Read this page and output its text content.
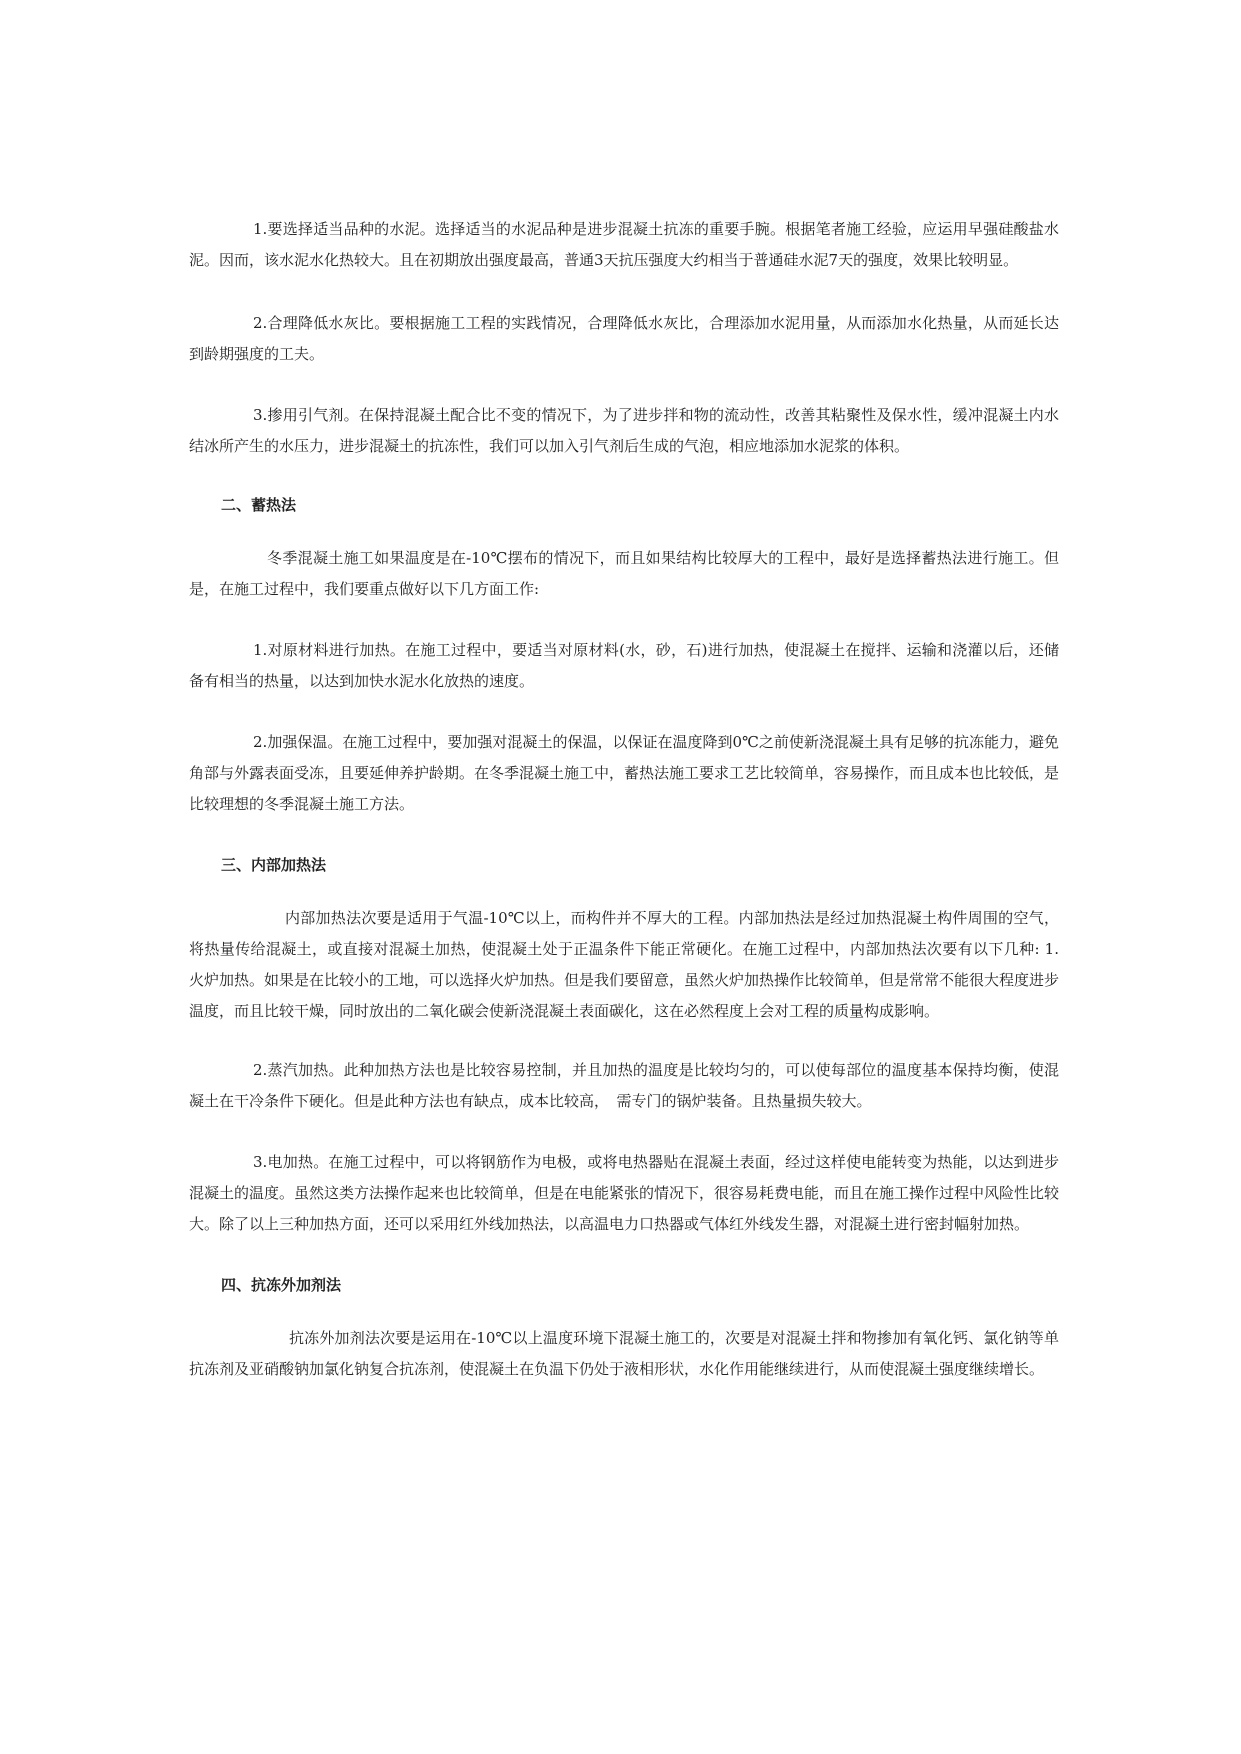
1.要选择适当品种的水泥。选择适当的水泥品种是进步混凝土抗冻的重要手腕。根据笔者施工经验，应运用早强硅酸盐水泥。因而，该水泥水化热较大。且在初期放出强度最高，普通3天抗压强度大约相当于普通硅水泥7天的强度，效果比较明显。

2.合理降低水灰比。要根据施工工程的实践情况，合理降低水灰比，合理添加水泥用量，从而添加水化热量，从而延长达到龄期强度的工夫。

3.掺用引气剂。在保持混凝土配合比不变的情况下，为了进步拌和物的流动性，改善其粘聚性及保水性，缓冲混凝土内水结冰所产生的水压力，进步混凝土的抗冻性，我们可以加入引气剂后生成的气泡，相应地添加水泥浆的体积。

二、蓄热法

冬季混凝土施工如果温度是在-10℃摆布的情况下，而且如果结构比较厚大的工程中，最好是选择蓄热法进行施工。但是，在施工过程中，我们要重点做好以下几方面工作:

1.对原材料进行加热。在施工过程中，要适当对原材料(水，砂，石)进行加热，使混凝土在搅拌、运输和浇灌以后，还储备有相当的热量，以达到加快水泥水化放热的速度。

2.加强保温。在施工过程中，要加强对混凝土的保温，以保证在温度降到0℃之前使新浇混凝土具有足够的抗冻能力，避免角部与外露表面受冻，且要延伸养护龄期。在冬季混凝土施工中，蓄热法施工要求工艺比较简单，容易操作，而且成本也比较低，是比较理想的冬季混凝土施工方法。

三、内部加热法

内部加热法次要是适用于气温-10℃以上，而构件并不厚大的工程。内部加热法是经过加热混凝土构件周围的空气，将热量传给混凝土，或直接对混凝土加热，使混凝土处于正温条件下能正常硬化。在施工过程中，内部加热法次要有以下几种: 1.　火炉加热。如果是在比较小的工地，可以选择火炉加热。但是我们要留意，虽然火炉加热操作比较简单，但是常常不能很大程度进步温度，而且比较干燥，同时放出的二氧化碳会使新浇混凝土表面碳化，这在必然程度上会对工程的质量构成影响。

2.蒸汽加热。此种加热方法也是比较容易控制，并且加热的温度是比较均匀的，可以使每部位的温度基本保持均衡，使混凝土在干冷条件下硬化。但是此种方法也有缺点，成本比较高，　需专门的锅炉装备。且热量损失较大。

3.电加热。在施工过程中，可以将钢筋作为电极，或将电热器贴在混凝土表面，经过这样使电能转变为热能，以达到进步混凝土的温度。虽然这类方法操作起来也比较简单，但是在电能紧张的情况下，很容易耗费电能，而且在施工操作过程中风险性比较大。除了以上三种加热方面，还可以采用红外线加热法，以高温电力口热器或气体红外线发生器，对混凝土进行密封幅射加热。

四、抗冻外加剂法

抗冻外加剂法次要是运用在-10℃以上温度环境下混凝土施工的，次要是对混凝土拌和物掺加有氧化钙、氯化钠等单抗冻剂及亚硝酸钠加氯化钠复合抗冻剂，使混凝土在负温下仍处于液相形状，水化作用能继续进行，从而使混凝土强度继续增长。
